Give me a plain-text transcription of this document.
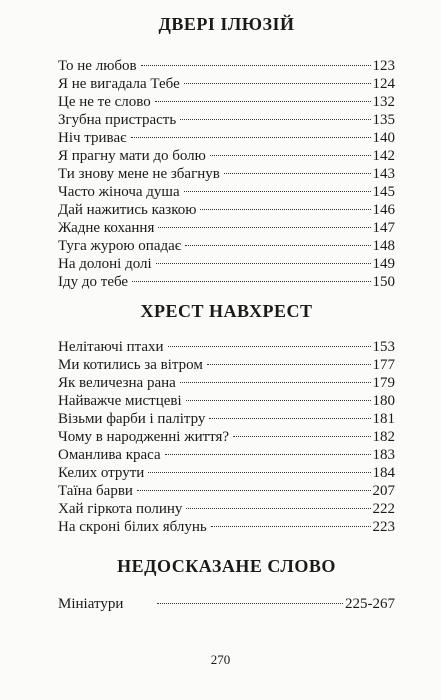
ДВЕРІ ІЛЮЗІЙ
То не любов	123
Я не вигадала Тебе	124
Це не те слово	132
Згубна пристрасть	135
Ніч триває	140
Я прагну мати до болю	142
Ти знову мене не збагнув	143
Часто жіноча душа	145
Дай нажитись казкою	146
Жадне кохання	147
Туга журою опадає	148
На долоні долі	149
Іду до тебе	150
ХРЕСТ НАВХРЕСТ
Нелітаючі птахи	153
Ми котились за вітром	177
Як величезна рана	179
Найважче мистцеві	180
Візьми фарби і палітру	181
Чому в народженні життя?	182
Оманлива краса	183
Келих отрути	184
Таїна барви	207
Хай гіркота полину	222
На скроні білих яблунь	223
НЕДОСКАЗАНЕ СЛОВО
Мініатури	225-267
270
